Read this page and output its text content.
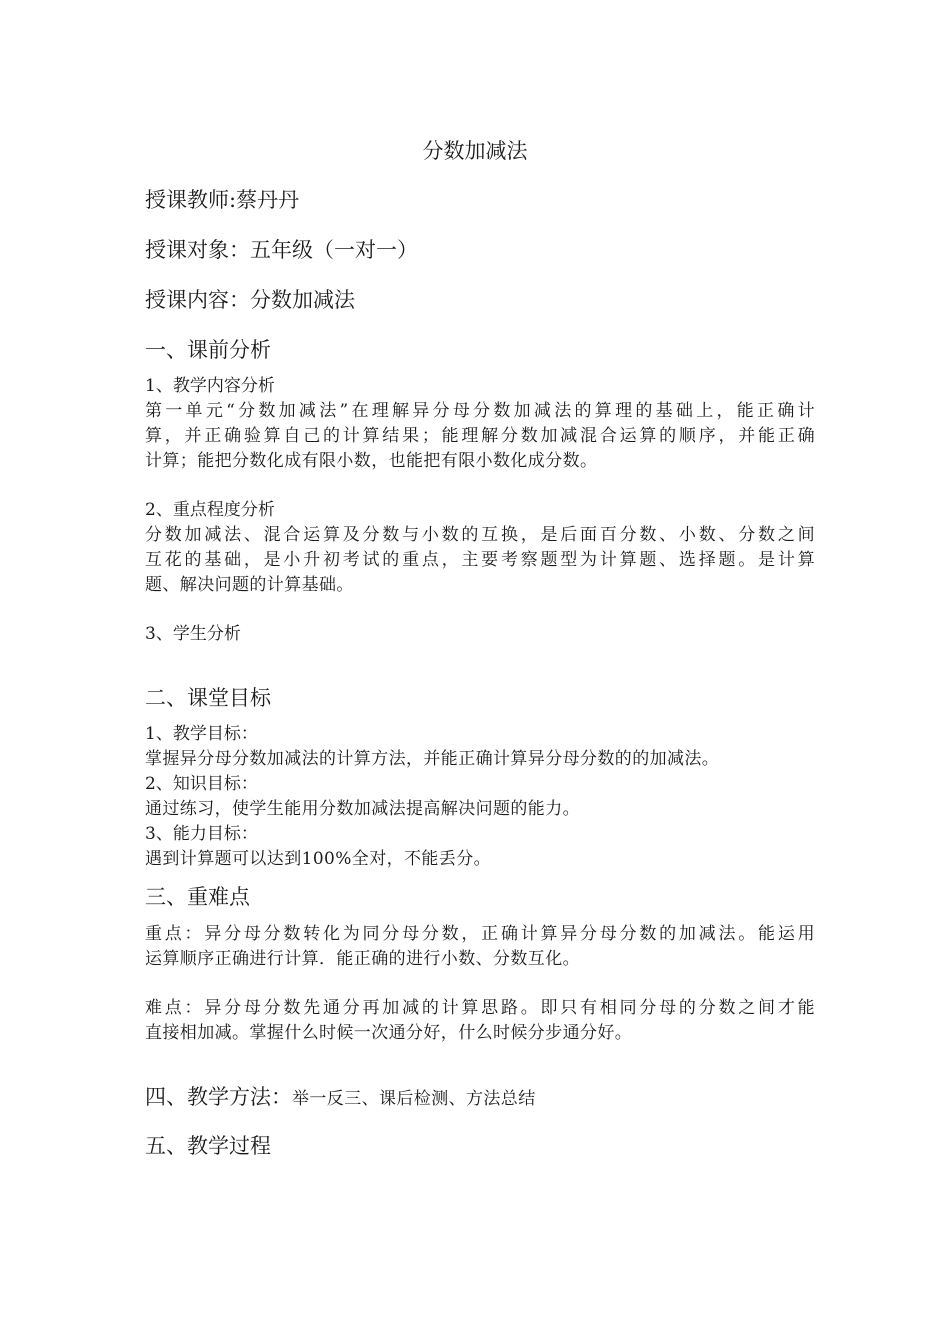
分数加减法
授课教师:蔡丹丹
授课对象：五年级（一对一）
授课内容：分数加减法
一、课前分析
1、教学内容分析
第一单元“分数加减法”在理解异分母分数加减法的算理的基础上，能正确计
算，并正确验算自己的计算结果；能理解分数加减混合运算的顺序，并能正确
计算；能把分数化成有限小数，也能把有限小数化成分数。
2、重点程度分析
分数加减法、混合运算及分数与小数的互换，是后面百分数、小数、分数之间
互花的基础，是小升初考试的重点，主要考察题型为计算题、选择题。是计算
题、解决问题的计算基础。
3、学生分析
二、课堂目标
1、教学目标：
掌握异分母分数加减法的计算方法，并能正确计算异分母分数的的加减法。
2、知识目标：
通过练习，使学生能用分数加减法提高解决问题的能力。
3、能力目标：
遇到计算题可以达到100%全对，不能丢分。
三、重难点
重点：异分母分数转化为同分母分数，正确计算异分母分数的加减法。能运用
运算顺序正确进行计算．能正确的进行小数、分数互化。
难点：异分母分数先通分再加减的计算思路。即只有相同分母的分数之间才能
直接相加减。掌握什么时候一次通分好，什么时候分步通分好。
四、教学方法：举一反三、课后检测、方法总结
五、教学过程
